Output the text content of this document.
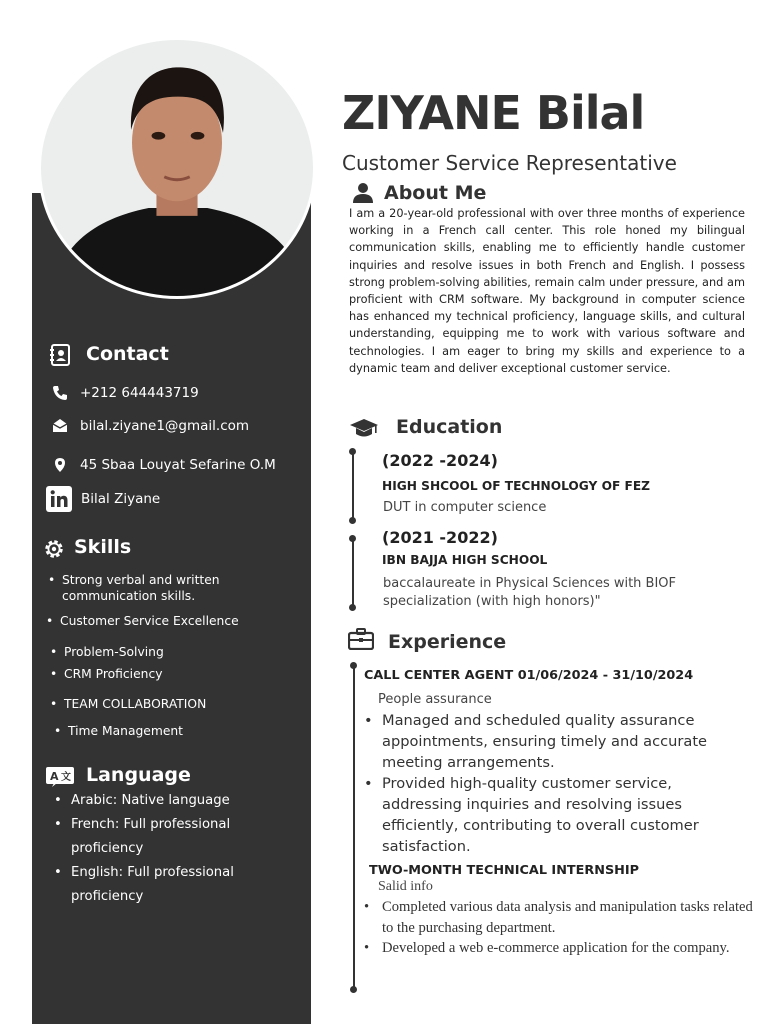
Contact
+212 644443719
bilal.ziyane1@gmail.com
45 Sbaa Louyat Sefarine O.M
Bilal Ziyane
Skills
• Strong verbal and written
communication skills.
• Customer Service Excellence
• Problem-Solving
• CRM Proficiency
• TEAM COLLABORATION
• Time Management
A 文 Language
• Arabic: Native language
• French: Full professional proficiency
• English: Full professional proficiency
ZIYANE Bilal
Customer Service Representative
About Me
I am a 20-year-old professional with over three months of experience working in a French call center. This role honed my bilingual communication skills, enabling me to efficiently handle customer inquiries and resolve issues in both French and English. I possess strong problem-solving abilities, remain calm under pressure, and am proficient with CRM software. My background in computer science has enhanced my technical proficiency, language skills, and cultural understanding, equipping me to work with various software and technologies. I am eager to bring my skills and experience to a dynamic team and deliver exceptional customer service.
Education
(2022 -2024)
HIGH SHCOOL OF TECHNOLOGY OF FEZ
DUT in computer science
(2021 -2022)
IBN BAJJA HIGH SCHOOL
baccalaureate in Physical Sciences with BIOF specialization (with high honors)"
Experience
CALL CENTER AGENT 01/06/2024 - 31/10/2024
People assurance
• Managed and scheduled quality assurance appointments, ensuring timely and accurate meeting arrangements.
• Provided high-quality customer service, addressing inquiries and resolving issues efficiently, contributing to overall customer satisfaction.
TWO-MONTH TECHNICAL INTERNSHIP
Salid info
• Completed various data analysis and manipulation tasks related to the purchasing department.
• Developed a web e-commerce application for the company.
